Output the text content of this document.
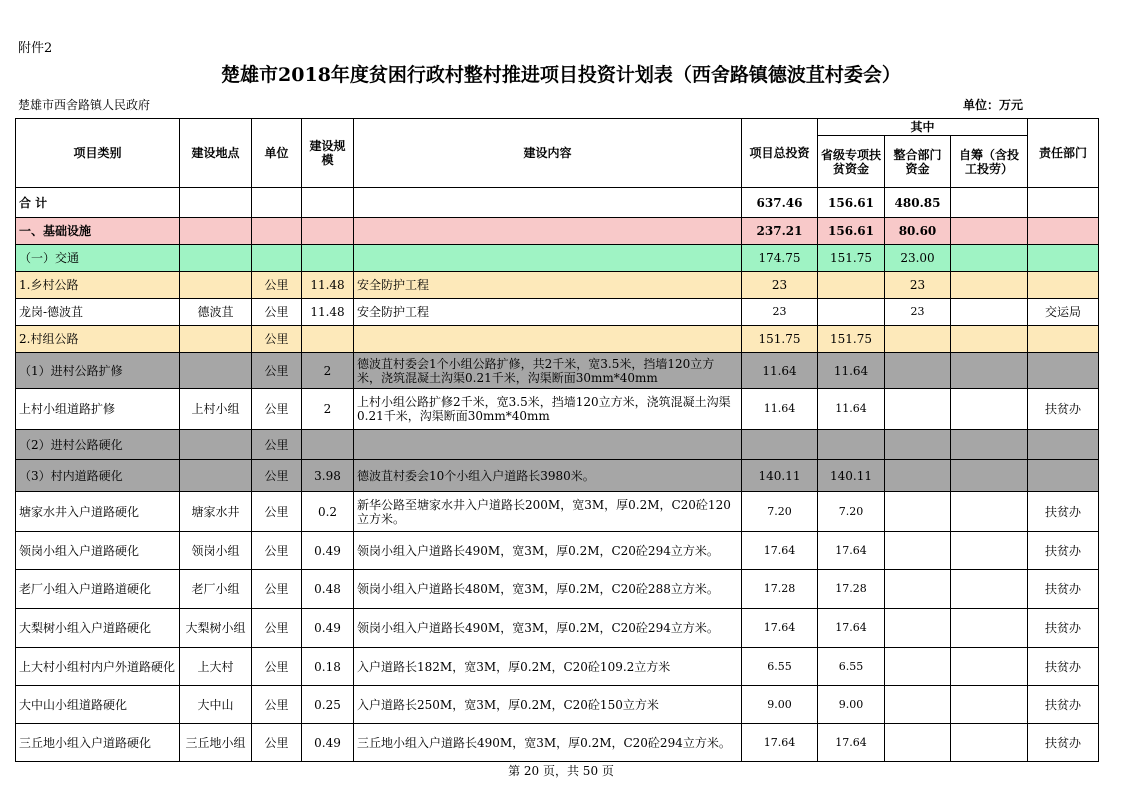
附件2
楚雄市2018年度贫困行政村整村推进项目投资计划表（西舍路镇德波苴村委会）
楚雄市西舍路镇人民政府	单位：万元
项目类别	建设地点	单位	建设规模	建设内容	项目总投资	其中			责任部门
						省级专项扶贫资金	整合部门资金	自筹（含投工投劳）	
合 计					637.46	156.61	480.85		
一、基础设施					237.21	156.61	80.60		
（一）交通					174.75	151.75	23.00		
1.乡村公路		公里	11.48	安全防护工程	23		23		
龙岗-德波苴	德波苴	公里	11.48	安全防护工程	23		23		交运局
2.村组公路		公里			151.75	151.75			
（1）进村公路扩修		公里	2	德波苴村委会1个小组公路扩修，共2千米，宽3.5米，挡墙120立方米，浇筑混凝土沟渠0.21千米，沟渠断面30mm*40mm	11.64	11.64			
上村小组道路扩修	上村小组	公里	2	上村小组公路扩修2千米，宽3.5米，挡墙120立方米，浇筑混凝土沟渠0.21千米，沟渠断面30mm*40mm	11.64	11.64			扶贫办
（2）进村公路硬化		公里							
（3）村内道路硬化		公里	3.98	德波苴村委会10个小组入户道路长3980米。	140.11	140.11			
塘家水井入户道路硬化	塘家水井	公里	0.2	新华公路至塘家水井入户道路长200M，宽3M，厚0.2M，C20砼120立方米。	7.20	7.20			扶贫办
领岗小组入户道路硬化	领岗小组	公里	0.49	领岗小组入户道路长490M，宽3M，厚0.2M，C20砼294立方米。	17.64	17.64			扶贫办
老厂小组入户道路道硬化	老厂小组	公里	0.48	领岗小组入户道路长480M，宽3M，厚0.2M，C20砼288立方米。	17.28	17.28			扶贫办
大梨树小组入户道路硬化	大梨树小组	公里	0.49	领岗小组入户道路长490M，宽3M，厚0.2M，C20砼294立方米。	17.64	17.64			扶贫办
上大村小组村内户外道路硬化	上大村	公里	0.18	入户道路长182M，宽3M，厚0.2M，C20砼109.2立方米	6.55	6.55			扶贫办
大中山小组道路硬化	大中山	公里	0.25	入户道路长250M，宽3M，厚0.2M，C20砼150立方米	9.00	9.00			扶贫办
三丘地小组入户道路硬化	三丘地小组	公里	0.49	三丘地小组入户道路长490M，宽3M，厚0.2M，C20砼294立方米。	17.64	17.64			扶贫办
第 20 页，共 50 页
